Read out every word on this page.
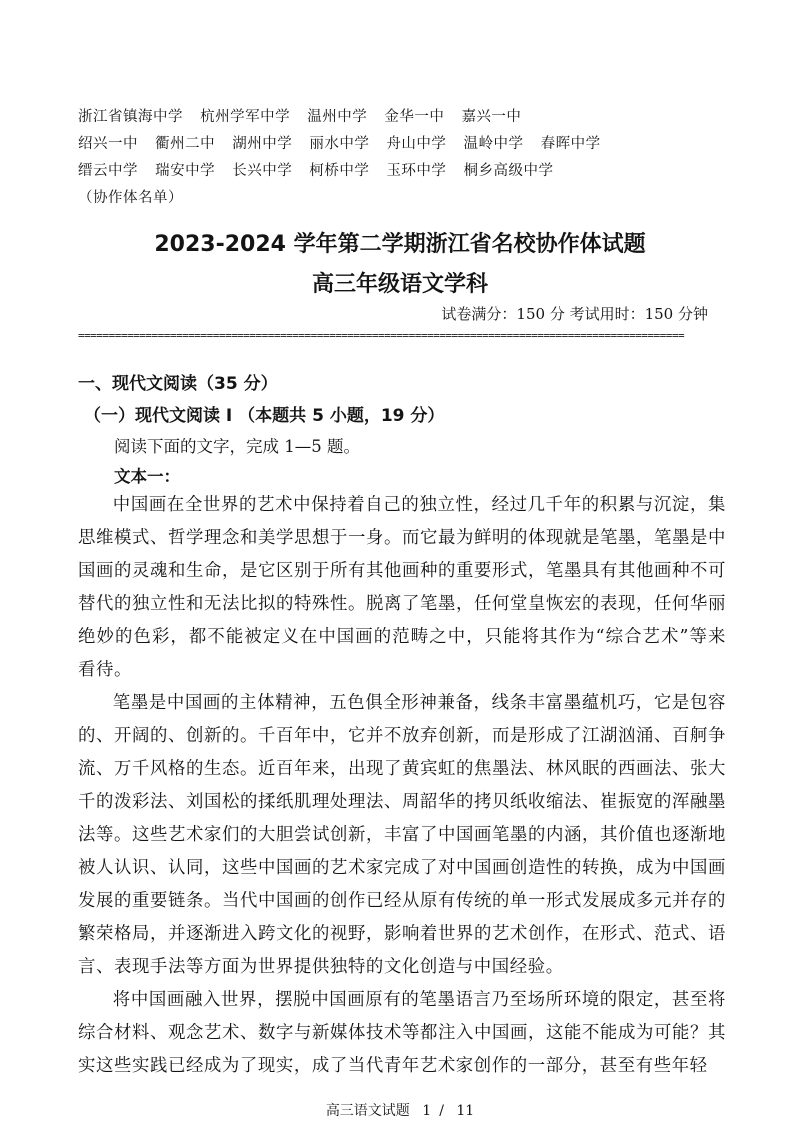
浙江省镇海中学 杭州学军中学 温州中学 金华一中 嘉兴一中
绍兴一中 衢州二中 湖州中学 丽水中学 舟山中学 温岭中学 春晖中学
缙云中学 瑞安中学 长兴中学 柯桥中学 玉环中学 桐乡高级中学
（协作体名单）
2023-2024 学年第二学期浙江省名校协作体试题
高三年级语文学科
试卷满分：150 分 考试用时：150 分钟
===================================================================================================
一、现代文阅读（35 分）
（一）现代文阅读 I （本题共 5 小题，19 分）
阅读下面的文字，完成 1—5 题。
文本一：

中国画在全世界的艺术中保持着自己的独立性，经过几千年的积累与沉淀，集思维模式、哲学理念和美学思想于一身。而它最为鲜明的体现就是笔墨，笔墨是中国画的灵魂和生命，是它区别于所有其他画种的重要形式，笔墨具有其他画种不可替代的独立性和无法比拟的特殊性。脱离了笔墨，任何堂皇恢宏的表现，任何华丽绝妙的色彩，都不能被定义在中国画的范畴之中，只能将其作为“综合艺术”等来看待。

笔墨是中国画的主体精神，五色俱全形神兼备，线条丰富墨蕴机巧，它是包容的、开阔的、创新的。千百年中，它并不放弃创新，而是形成了江湖汹涌、百舸争流、万千风格的生态。近百年来，出现了黄宾虹的焦墨法、林风眠的西画法、张大千的泼彩法、刘国松的揉纸肌理处理法、周韶华的拷贝纸收缩法、崔振宽的浑融墨法等。这些艺术家们的大胆尝试创新，丰富了中国画笔墨的内涵，其价值也逐渐地被人认识、认同，这些中国画的艺术家完成了对中国画创造性的转换，成为中国画发展的重要链条。当代中国画的创作已经从原有传统的单一形式发展成多元并存的繁荣格局，并逐渐进入跨文化的视野，影响着世界的艺术创作，在形式、范式、语言、表现手法等方面为世界提供独特的文化创造与中国经验。

将中国画融入世界，摆脱中国画原有的笔墨语言乃至场所环境的限定，甚至将综合材料、观念艺术、数字与新媒体技术等都注入中国画，这能不能成为可能？其实这些实践已经成为了现实，成了当代青年艺术家创作的一部分，甚至有些年轻

高三语文试题 1 / 11
